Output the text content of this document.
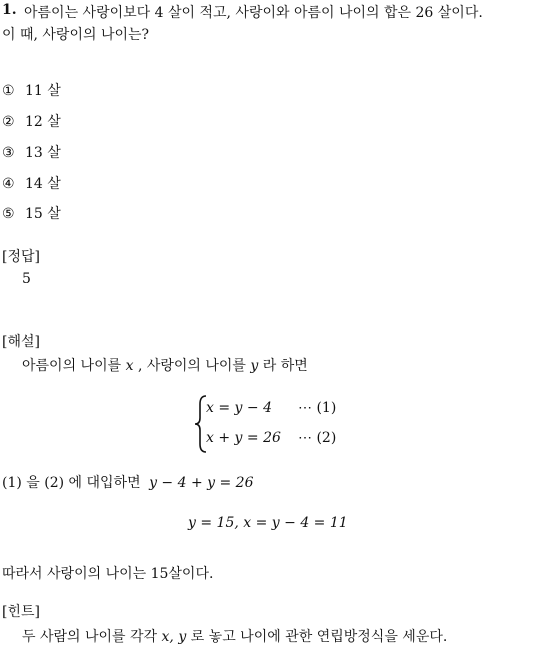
1. 아름이는 사랑이보다 4 살이 적고, 사랑이와 아름이 나이의 합은 26 살이다.
이 때, 사랑이의 나이는?
① 11 살
② 12 살
③ 13 살
④ 14 살
⑤ 15 살
[정답]
5
[해설]
아름이의 나이를 x , 사랑이의 나이를 y 라 하면
x = y − 4 ⋯ (1)
x + y = 26 ⋯ (2)
(1) 을 (2) 에 대입하면 y − 4 + y = 26
y = 15, x = y − 4 = 11
따라서 사랑이의 나이는 15살이다.
[힌트]
두 사람의 나이를 각각 x, y 로 놓고 나이에 관한 연립방정식을 세운다.
